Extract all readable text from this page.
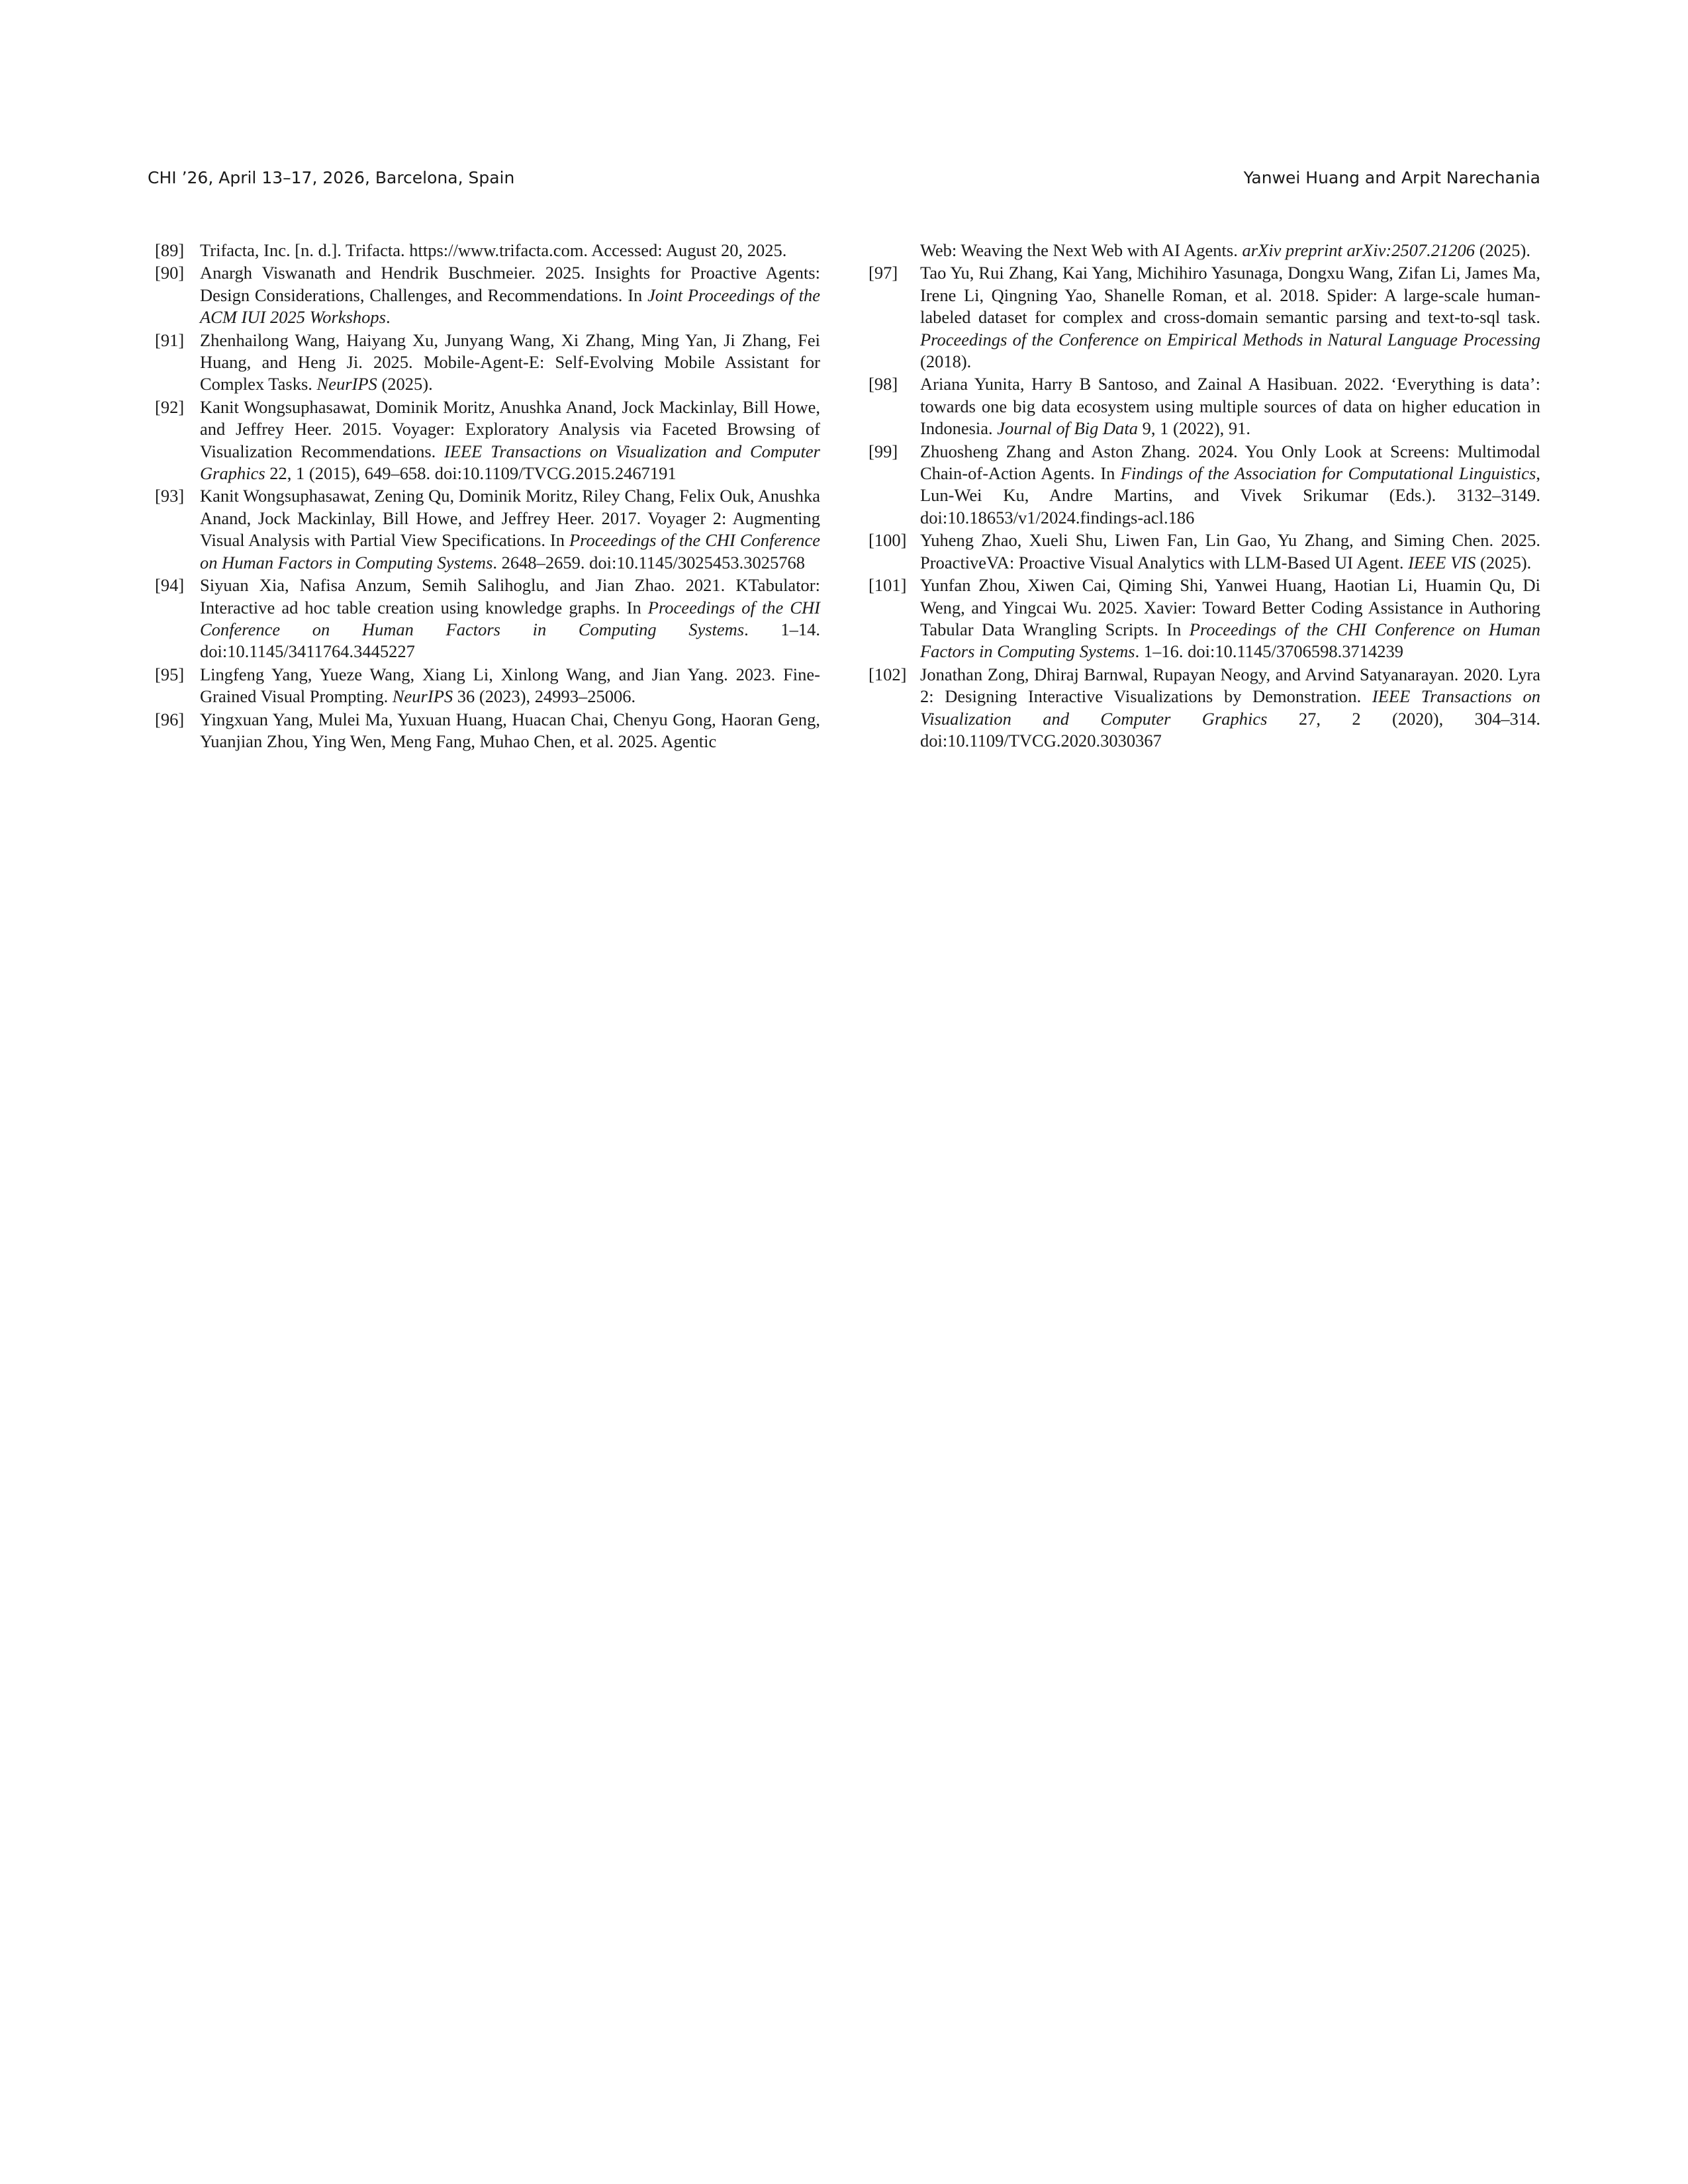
CHI ’26, April 13–17, 2026, Barcelona, Spain	Yanwei Huang and Arpit Narechania
[89] Trifacta, Inc. [n. d.]. Trifacta. https://www.trifacta.com. Accessed: August 20, 2025.
[90] Anargh Viswanath and Hendrik Buschmeier. 2025. Insights for Proactive Agents: Design Considerations, Challenges, and Recommendations. In Joint Proceedings of the ACM IUI 2025 Workshops.
[91] Zhenhailong Wang, Haiyang Xu, Junyang Wang, Xi Zhang, Ming Yan, Ji Zhang, Fei Huang, and Heng Ji. 2025. Mobile-Agent-E: Self-Evolving Mobile Assistant for Complex Tasks. NeurIPS (2025).
[92] Kanit Wongsuphasawat, Dominik Moritz, Anushka Anand, Jock Mackinlay, Bill Howe, and Jeffrey Heer. 2015. Voyager: Exploratory Analysis via Faceted Browsing of Visualization Recommendations. IEEE Transactions on Visualization and Computer Graphics 22, 1 (2015), 649–658. doi:10.1109/TVCG.2015.2467191
[93] Kanit Wongsuphasawat, Zening Qu, Dominik Moritz, Riley Chang, Felix Ouk, Anushka Anand, Jock Mackinlay, Bill Howe, and Jeffrey Heer. 2017. Voyager 2: Augmenting Visual Analysis with Partial View Specifications. In Proceedings of the CHI Conference on Human Factors in Computing Systems. 2648–2659. doi:10.1145/3025453.3025768
[94] Siyuan Xia, Nafisa Anzum, Semih Salihoglu, and Jian Zhao. 2021. KTabulator: Interactive ad hoc table creation using knowledge graphs. In Proceedings of the CHI Conference on Human Factors in Computing Systems. 1–14. doi:10.1145/3411764.3445227
[95] Lingfeng Yang, Yueze Wang, Xiang Li, Xinlong Wang, and Jian Yang. 2023. Fine-Grained Visual Prompting. NeurIPS 36 (2023), 24993–25006.
[96] Yingxuan Yang, Mulei Ma, Yuxuan Huang, Huacan Chai, Chenyu Gong, Haoran Geng, Yuanjian Zhou, Ying Wen, Meng Fang, Muhao Chen, et al. 2025. Agentic
Web: Weaving the Next Web with AI Agents. arXiv preprint arXiv:2507.21206 (2025).
[97] Tao Yu, Rui Zhang, Kai Yang, Michihiro Yasunaga, Dongxu Wang, Zifan Li, James Ma, Irene Li, Qingning Yao, Shanelle Roman, et al. 2018. Spider: A large-scale human-labeled dataset for complex and cross-domain semantic parsing and text-to-sql task. Proceedings of the Conference on Empirical Methods in Natural Language Processing (2018).
[98] Ariana Yunita, Harry B Santoso, and Zainal A Hasibuan. 2022. ‘Everything is data’: towards one big data ecosystem using multiple sources of data on higher education in Indonesia. Journal of Big Data 9, 1 (2022), 91.
[99] Zhuosheng Zhang and Aston Zhang. 2024. You Only Look at Screens: Multimodal Chain-of-Action Agents. In Findings of the Association for Computational Linguistics, Lun-Wei Ku, Andre Martins, and Vivek Srikumar (Eds.). 3132–3149. doi:10.18653/v1/2024.findings-acl.186
[100] Yuheng Zhao, Xueli Shu, Liwen Fan, Lin Gao, Yu Zhang, and Siming Chen. 2025. ProactiveVA: Proactive Visual Analytics with LLM-Based UI Agent. IEEE VIS (2025).
[101] Yunfan Zhou, Xiwen Cai, Qiming Shi, Yanwei Huang, Haotian Li, Huamin Qu, Di Weng, and Yingcai Wu. 2025. Xavier: Toward Better Coding Assistance in Authoring Tabular Data Wrangling Scripts. In Proceedings of the CHI Conference on Human Factors in Computing Systems. 1–16. doi:10.1145/3706598.3714239
[102] Jonathan Zong, Dhiraj Barnwal, Rupayan Neogy, and Arvind Satyanarayan. 2020. Lyra 2: Designing Interactive Visualizations by Demonstration. IEEE Transactions on Visualization and Computer Graphics 27, 2 (2020), 304–314. doi:10.1109/TVCG.2020.3030367
